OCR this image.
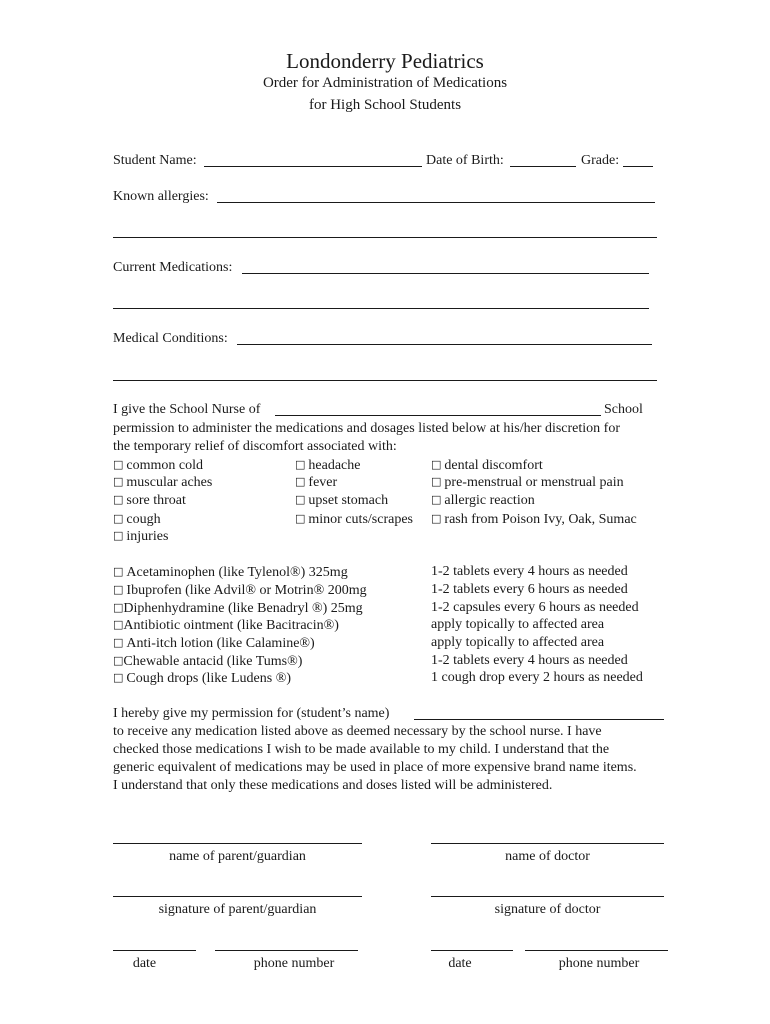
Londonderry Pediatrics
Order for Administration of Medications
for High School Students
Student Name:	Date of Birth:	Grade:
Known allergies:
Current Medications:
Medical Conditions:
I give the School Nurse of	School
permission to administer the medications and dosages listed below at his/her discretion for
the temporary relief of discomfort associated with:
□ common cold
□ muscular aches
□ sore throat
□ cough
□ injuries
□ headache
□ fever
□ upset stomach
□ minor cuts/scrapes
□ dental discomfort
□ pre-menstrual or menstrual pain
□ allergic reaction
□ rash from Poison Ivy, Oak, Sumac
□ Acetaminophen (like Tylenol®) 325mg	1-2 tablets every 4 hours as needed
□ Ibuprofen (like Advil® or Motrin® 200mg	1-2 tablets every 6 hours as needed
□Diphenhydramine (like Benadryl ®) 25mg	1-2 capsules every 6 hours as needed
□Antibiotic ointment (like Bacitracin®)	apply topically to affected area
□ Anti-itch lotion (like Calamine®)	apply topically to affected area
□Chewable antacid (like Tums®)	1-2 tablets every 4 hours as needed
□ Cough drops (like Ludens ®)	1 cough drop every 2 hours as needed
I hereby give my permission for (student’s name)
to receive any medication listed above as deemed necessary by the school nurse. I have
checked those medications I wish to be made available to my child. I understand that the
generic equivalent of medications may be used in place of more expensive brand name items.
I understand that only these medications and doses listed will be administered.
name of parent/guardian	name of doctor
signature of parent/guardian	signature of doctor
date	phone number	date	phone number
